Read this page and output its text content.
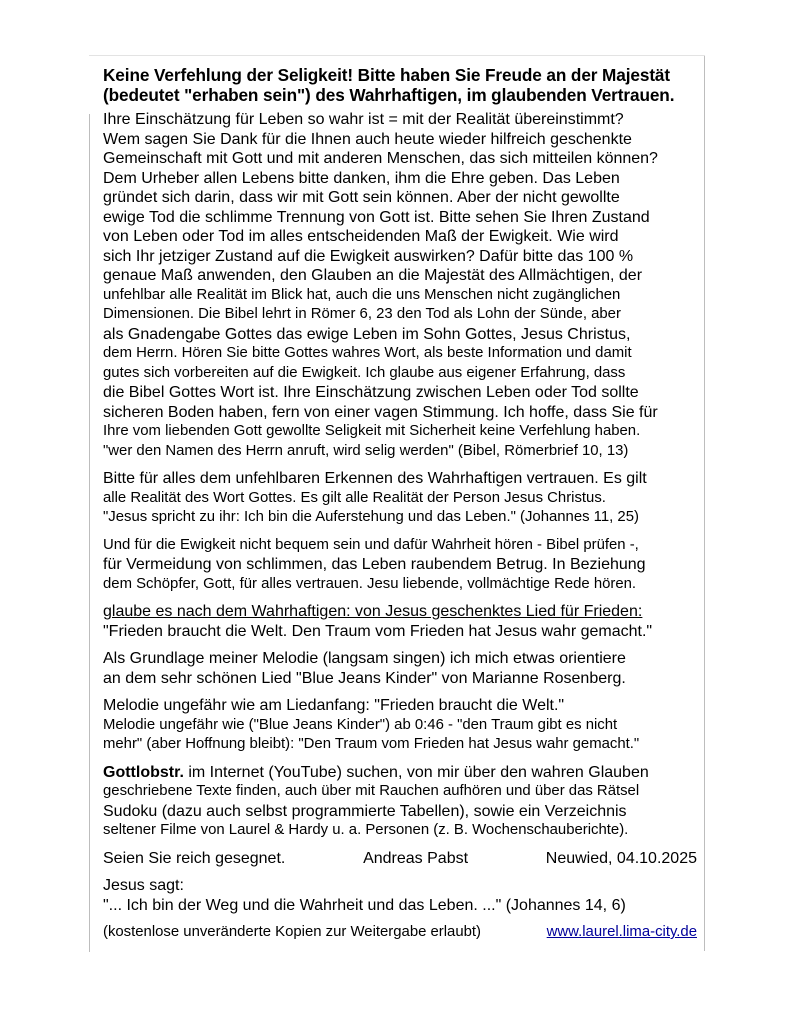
Keine Verfehlung der Seligkeit! Bitte haben Sie Freude an der Majestät
(bedeutet "erhaben sein") des Wahrhaftigen, im glaubenden Vertrauen.
Ihre Einschätzung für Leben so wahr ist = mit der Realität übereinstimmt?
Wem sagen Sie Dank für die Ihnen auch heute wieder hilfreich geschenkte
Gemeinschaft mit Gott und mit anderen Menschen, das sich mitteilen können?
Dem Urheber allen Lebens bitte danken, ihm die Ehre geben. Das Leben
gründet sich darin, dass wir mit Gott sein können. Aber der nicht gewollte
ewige Tod die schlimme Trennung von Gott ist. Bitte sehen Sie Ihren Zustand
von Leben oder Tod im alles entscheidenden Maß der Ewigkeit. Wie wird
sich Ihr jetziger Zustand auf die Ewigkeit auswirken? Dafür bitte das 100 %
genaue Maß anwenden, den Glauben an die Majestät des Allmächtigen, der
unfehlbar alle Realität im Blick hat, auch die uns Menschen nicht zugänglichen
Dimensionen. Die Bibel lehrt in Römer 6, 23 den Tod als Lohn der Sünde, aber
als Gnadengabe Gottes das ewige Leben im Sohn Gottes, Jesus Christus,
dem Herrn. Hören Sie bitte Gottes wahres Wort, als beste Information und damit
gutes sich vorbereiten auf die Ewigkeit. Ich glaube aus eigener Erfahrung, dass
die Bibel Gottes Wort ist. Ihre Einschätzung zwischen Leben oder Tod sollte
sicheren Boden haben, fern von einer vagen Stimmung. Ich hoffe, dass Sie für
Ihre vom liebenden Gott gewollte Seligkeit mit Sicherheit keine Verfehlung haben.
"wer den Namen des Herrn anruft, wird selig werden" (Bibel, Römerbrief 10, 13)
Bitte für alles dem unfehlbaren Erkennen des Wahrhaftigen vertrauen. Es gilt
alle Realität des Wort Gottes. Es gilt alle Realität der Person Jesus Christus.
"Jesus spricht zu ihr: Ich bin die Auferstehung und das Leben." (Johannes 11, 25)
Und für die Ewigkeit nicht bequem sein und dafür Wahrheit hören - Bibel prüfen -,
für Vermeidung von schlimmen, das Leben raubendem Betrug. In Beziehung
dem Schöpfer, Gott, für alles vertrauen. Jesu liebende, vollmächtige Rede hören.
glaube es nach dem Wahrhaftigen: von Jesus geschenktes Lied für Frieden:
"Frieden braucht die Welt. Den Traum vom Frieden hat Jesus wahr gemacht."
Als Grundlage meiner Melodie (langsam singen) ich mich etwas orientiere
an dem sehr schönen Lied "Blue Jeans Kinder" von Marianne Rosenberg.
Melodie ungefähr wie am Liedanfang: "Frieden braucht die Welt."
Melodie ungefähr wie ("Blue Jeans Kinder") ab 0:46 - "den Traum gibt es nicht
mehr" (aber Hoffnung bleibt): "Den Traum vom Frieden hat Jesus wahr gemacht."
Gottlobstr. im Internet (YouTube) suchen, von mir über den wahren Glauben
geschriebene Texte finden, auch über mit Rauchen aufhören und über das Rätsel
Sudoku (dazu auch selbst programmierte Tabellen), sowie ein Verzeichnis
seltener Filme von Laurel & Hardy u. a. Personen (z. B. Wochenschauberichte).
Seien Sie reich gesegnet.	Andreas Pabst	Neuwied, 04.10.2025
Jesus sagt:
"... Ich bin der Weg und die Wahrheit und das Leben. ..." (Johannes 14, 6)
(kostenlose unveränderte Kopien zur Weitergabe erlaubt)	www.laurel.lima-city.de
